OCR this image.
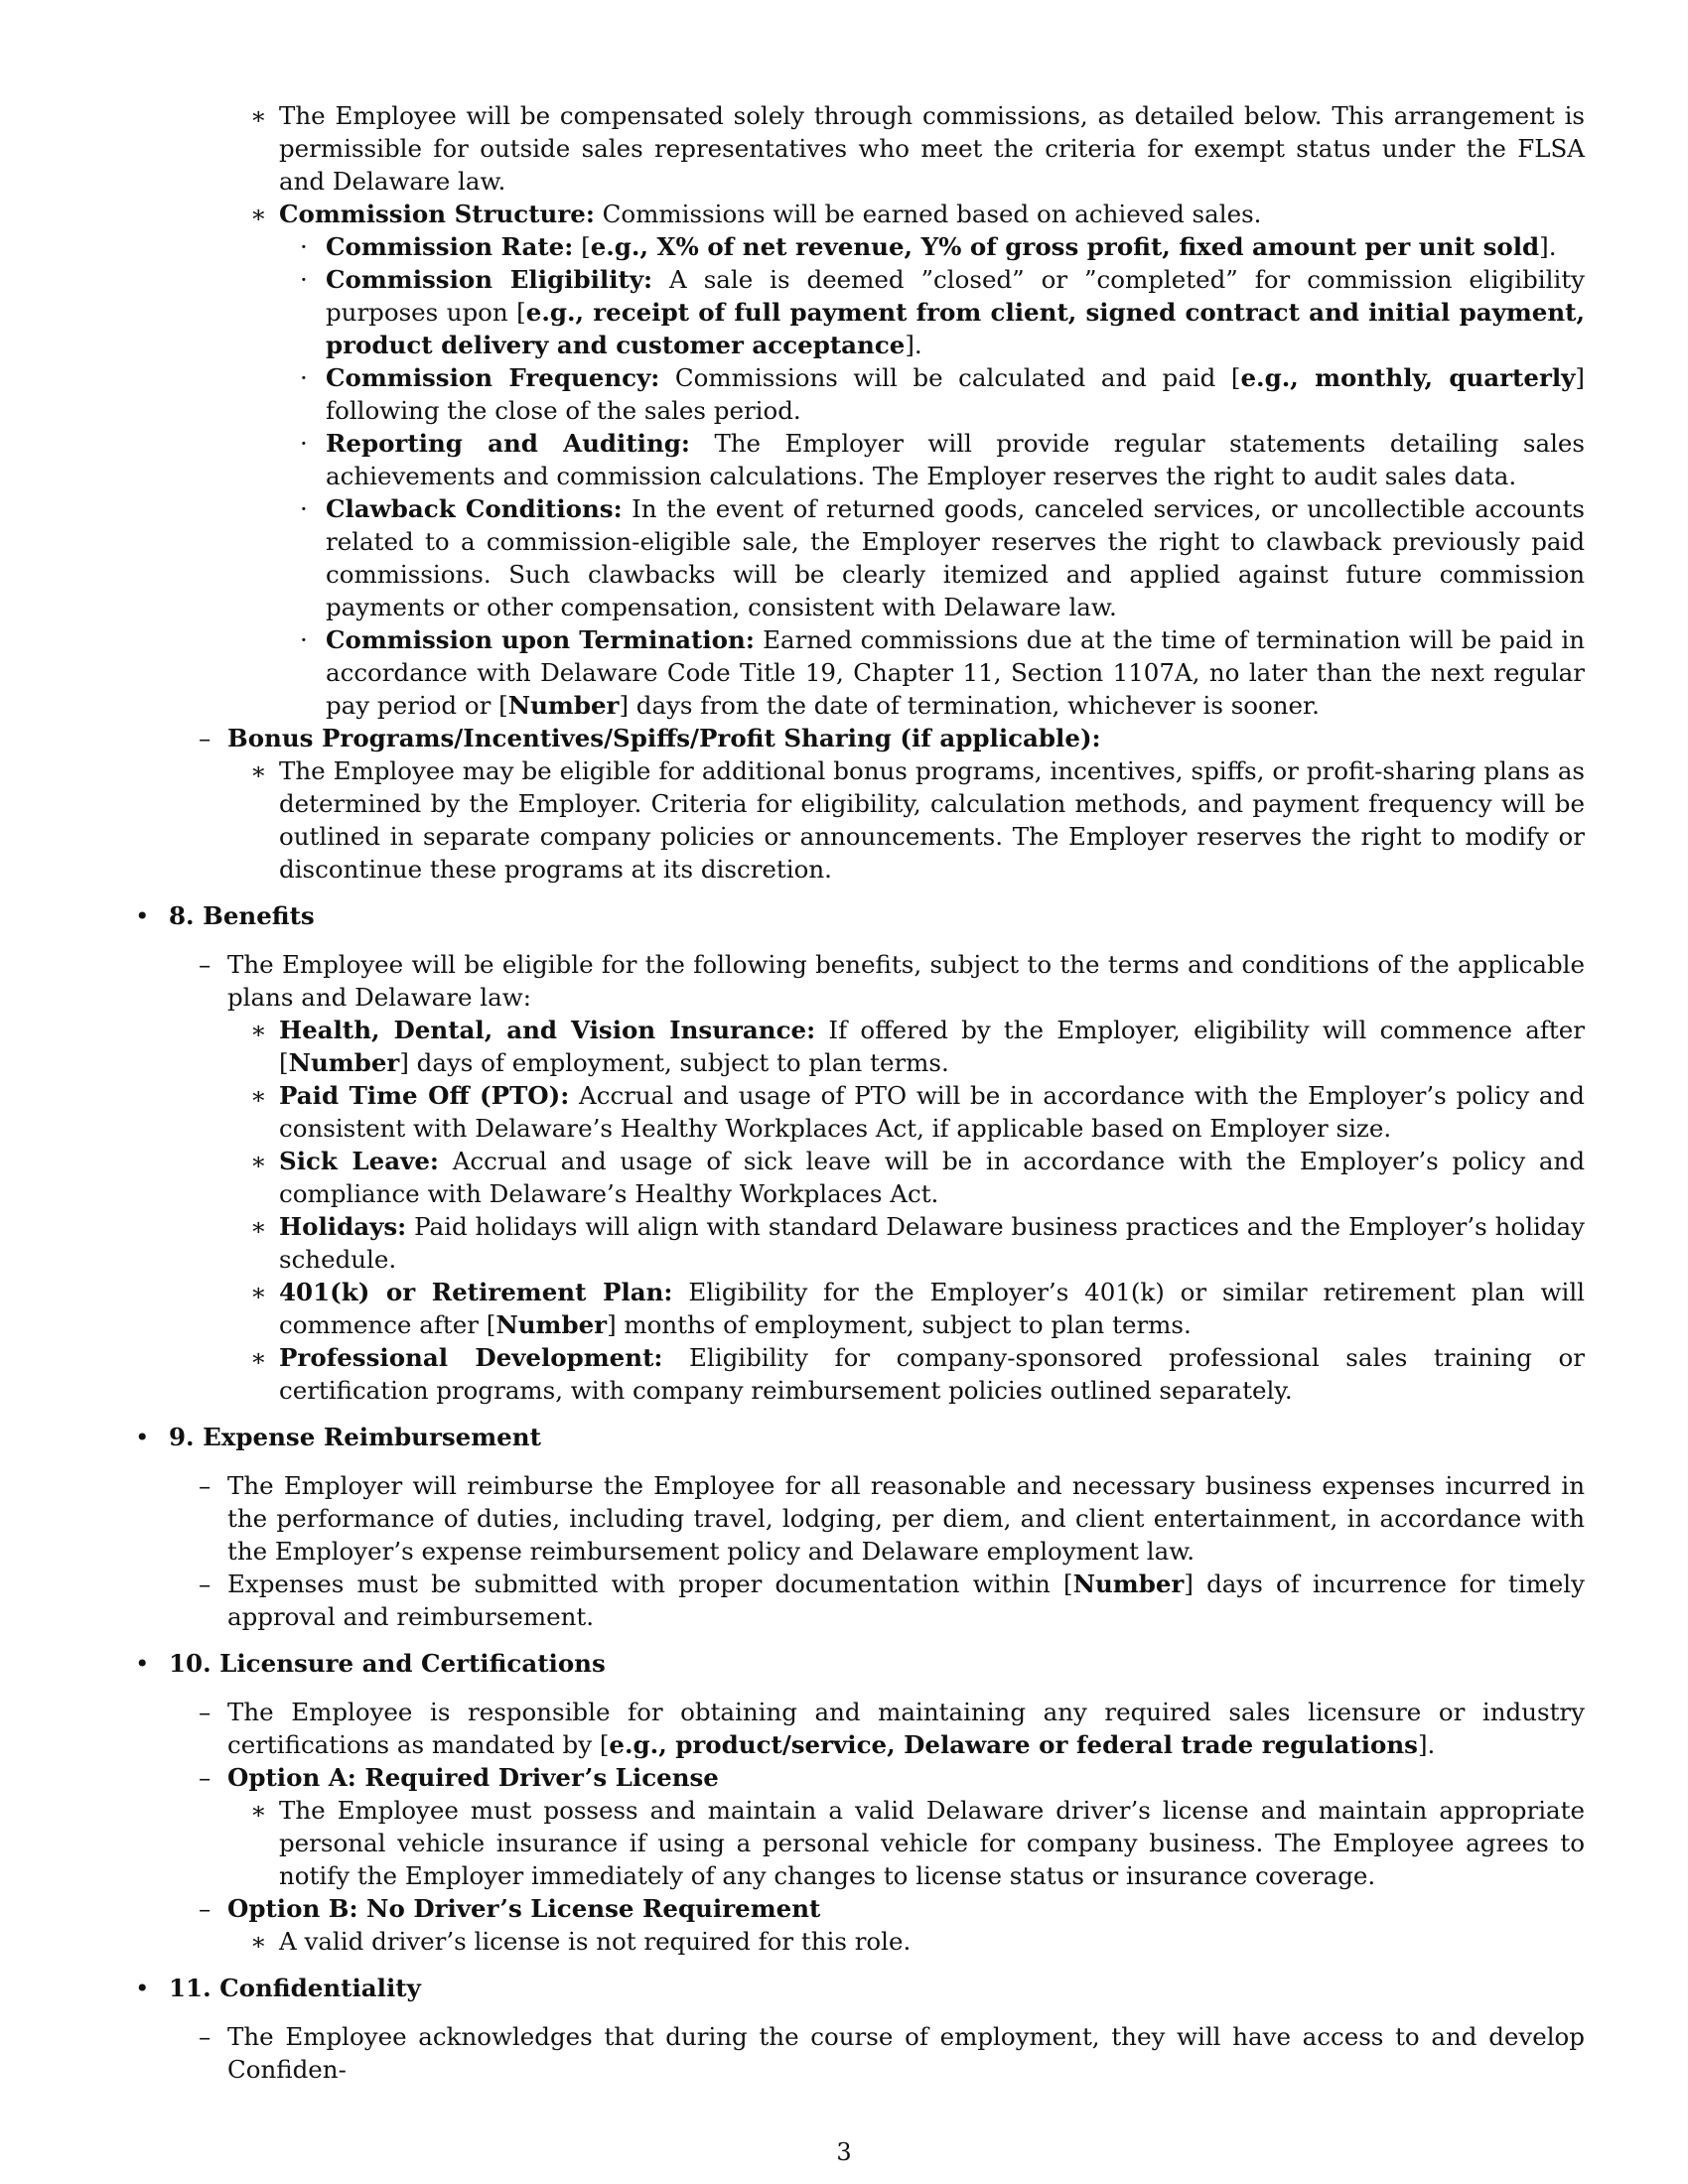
∗ The Employee will be compensated solely through commissions, as detailed below. This arrangement is permissible for outside sales representatives who meet the criteria for exempt status under the FLSA and Delaware law.
∗ Commission Structure: Commissions will be earned based on achieved sales.
· Commission Rate: [e.g., X% of net revenue, Y% of gross profit, fixed amount per unit sold].
· Commission Eligibility: A sale is deemed ”closed” or ”completed” for commission eligibility purposes upon [e.g., receipt of full payment from client, signed contract and initial payment, product delivery and customer acceptance].
· Commission Frequency: Commissions will be calculated and paid [e.g., monthly, quarterly] following the close of the sales period.
· Reporting and Auditing: The Employer will provide regular statements detailing sales achievements and commission calculations. The Employer reserves the right to audit sales data.
· Clawback Conditions: In the event of returned goods, canceled services, or uncollectible accounts related to a commission-eligible sale, the Employer reserves the right to clawback previously paid commissions. Such clawbacks will be clearly itemized and applied against future commission payments or other compensation, consistent with Delaware law.
· Commission upon Termination: Earned commissions due at the time of termination will be paid in accordance with Delaware Code Title 19, Chapter 11, Section 1107A, no later than the next regular pay period or [Number] days from the date of termination, whichever is sooner.
– Bonus Programs/Incentives/Spiffs/Profit Sharing (if applicable):
∗ The Employee may be eligible for additional bonus programs, incentives, spiffs, or profit-sharing plans as determined by the Employer. Criteria for eligibility, calculation methods, and payment frequency will be outlined in separate company policies or announcements. The Employer reserves the right to modify or discontinue these programs at its discretion.
• 8. Benefits
– The Employee will be eligible for the following benefits, subject to the terms and conditions of the applicable plans and Delaware law:
∗ Health, Dental, and Vision Insurance: If offered by the Employer, eligibility will commence after [Number] days of employment, subject to plan terms.
∗ Paid Time Off (PTO): Accrual and usage of PTO will be in accordance with the Employer’s policy and consistent with Delaware’s Healthy Workplaces Act, if applicable based on Employer size.
∗ Sick Leave: Accrual and usage of sick leave will be in accordance with the Employer’s policy and compliance with Delaware’s Healthy Workplaces Act.
∗ Holidays: Paid holidays will align with standard Delaware business practices and the Employer’s holiday schedule.
∗ 401(k) or Retirement Plan: Eligibility for the Employer’s 401(k) or similar retirement plan will commence after [Number] months of employment, subject to plan terms.
∗ Professional Development: Eligibility for company-sponsored professional sales training or certification programs, with company reimbursement policies outlined separately.
• 9. Expense Reimbursement
– The Employer will reimburse the Employee for all reasonable and necessary business expenses incurred in the performance of duties, including travel, lodging, per diem, and client entertainment, in accordance with the Employer’s expense reimbursement policy and Delaware employment law.
– Expenses must be submitted with proper documentation within [Number] days of incurrence for timely approval and reimbursement.
• 10. Licensure and Certifications
– The Employee is responsible for obtaining and maintaining any required sales licensure or industry certifications as mandated by [e.g., product/service, Delaware or federal trade regulations].
– Option A: Required Driver’s License
∗ The Employee must possess and maintain a valid Delaware driver’s license and maintain appropriate personal vehicle insurance if using a personal vehicle for company business. The Employee agrees to notify the Employer immediately of any changes to license status or insurance coverage.
– Option B: No Driver’s License Requirement
∗ A valid driver’s license is not required for this role.
• 11. Confidentiality
– The Employee acknowledges that during the course of employment, they will have access to and develop Confiden-
3
